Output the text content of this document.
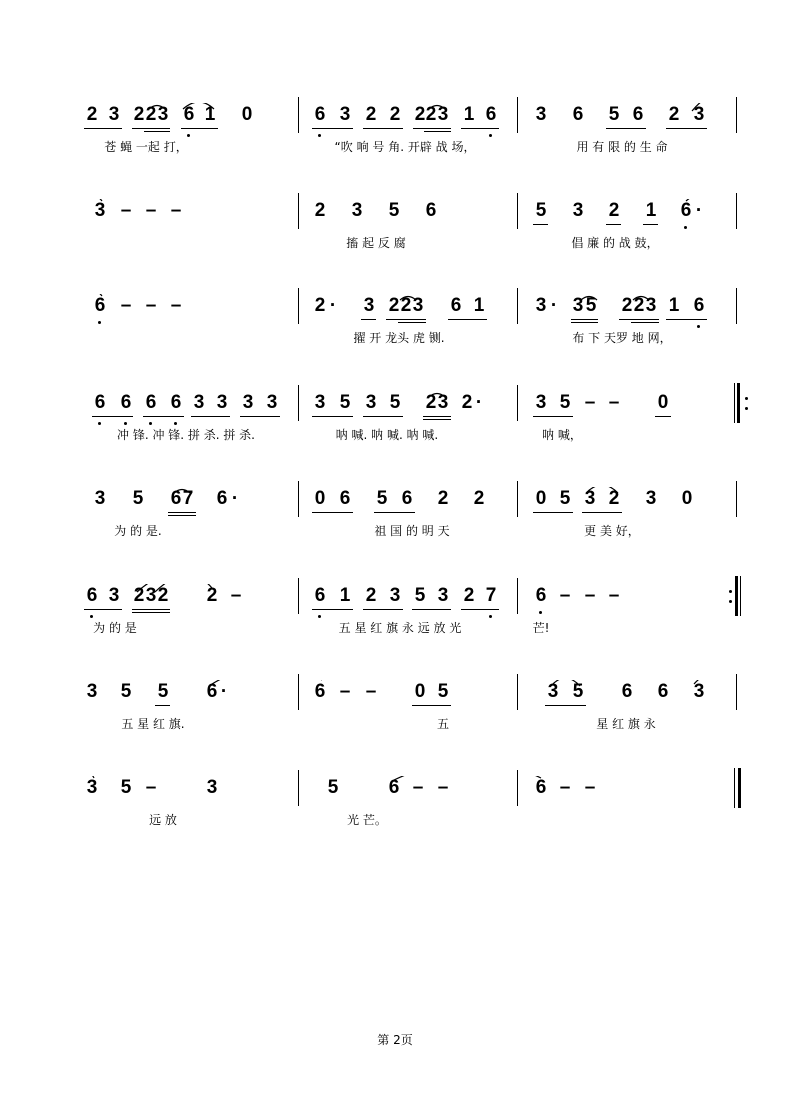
2 3 2 2 3 6 1 0	6 3 2 2 2 2 3 1 6 3 6 5 6 2 3
苍 蝇 一起 打，	“吹 响 号 角. 开辟 战 场，	用 有 限 的 生 命
3 – – –	2 3 5 6	5 3 2 1 6 ·
搐 起 反 腐	倡 廉 的 战 鼓，
6 – – –	2 · 3 2 2 3 6 1	3 · 3 5 2 2 3 1 6
擢 开 龙头 虎 铡.	布 下 天罗 地 网，
6 6 6 6 3 3 3 3 3 5 3 5 2 3 2 ·	3 5 – – 0
冲 锋. 冲 锋. 拼 杀. 拼 杀.	呐 喊. 呐 喊. 呐 喊.	呐 喊，
3 5 6 7 6 ·	0 6 5 6 2 2	0 5 3 2 3 0
为 的 是.	祖 国 的 明 天	更 美 好，
6 3 2 3 2 2 –	6 1 2 3 5 3 2 7 6 – – –
为 的 是	五 星 红 旗 永 远 放 光	芒!
3 5 5 6 ·	6 – – 0 5	3 5 6 6 3
五 星 红 旗.	五	星 红 旗 永
3 5 –	3	5	6 – –	6 – –
远 放	光 芒。
第 2页
